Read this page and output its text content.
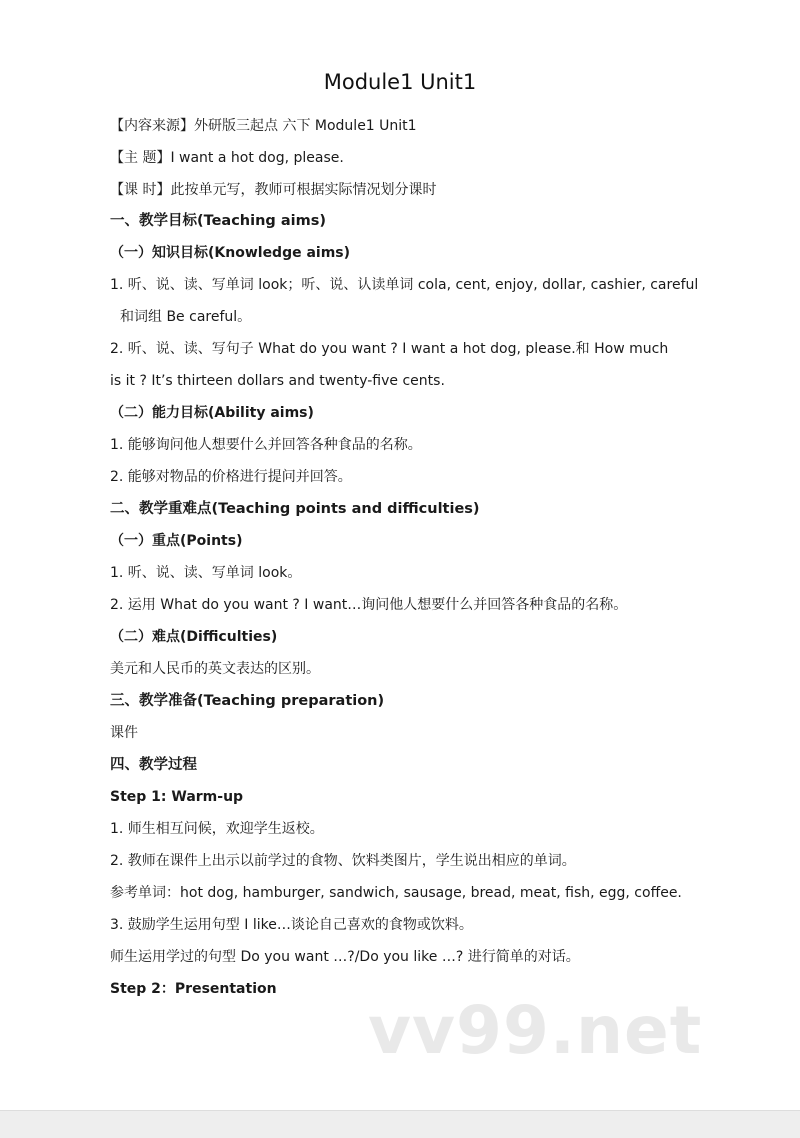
Module1 Unit1
【内容来源】外研版三起点 六下 Module1 Unit1
【主 题】I want a hot dog, please.
【课 时】此按单元写，教师可根据实际情况划分课时
一、教学目标(Teaching aims)
（一）知识目标(Knowledge aims)
1. 听、说、读、写单词 look；听、说、认读单词 cola, cent, enjoy, dollar, cashier, careful
和词组 Be careful。
2. 听、说、读、写句子 What do you want ? I want a hot dog, please.和 How much
is it ? It’s thirteen dollars and twenty-five cents.
（二）能力目标(Ability aims)
1. 能够询问他人想要什么并回答各种食品的名称。
2. 能够对物品的价格进行提问并回答。
二、教学重难点(Teaching points and difficulties)
（一）重点(Points)
1. 听、说、读、写单词 look。
2. 运用 What do you want ? I want…询问他人想要什么并回答各种食品的名称。
（二）难点(Difficulties)
美元和人民币的英文表达的区别。
三、教学准备(Teaching preparation)
课件
四、教学过程
Step 1: Warm-up
1. 师生相互问候，欢迎学生返校。
2. 教师在课件上出示以前学过的食物、饮料类图片，学生说出相应的单词。
参考单词：hot dog, hamburger, sandwich, sausage, bread, meat, fish, egg, coffee.
3. 鼓励学生运用句型 I like…谈论自己喜欢的食物或饮料。
师生运用学过的句型 Do you want …?/Do you like …? 进行简单的对话。
Step 2：Presentation
vv99.net
